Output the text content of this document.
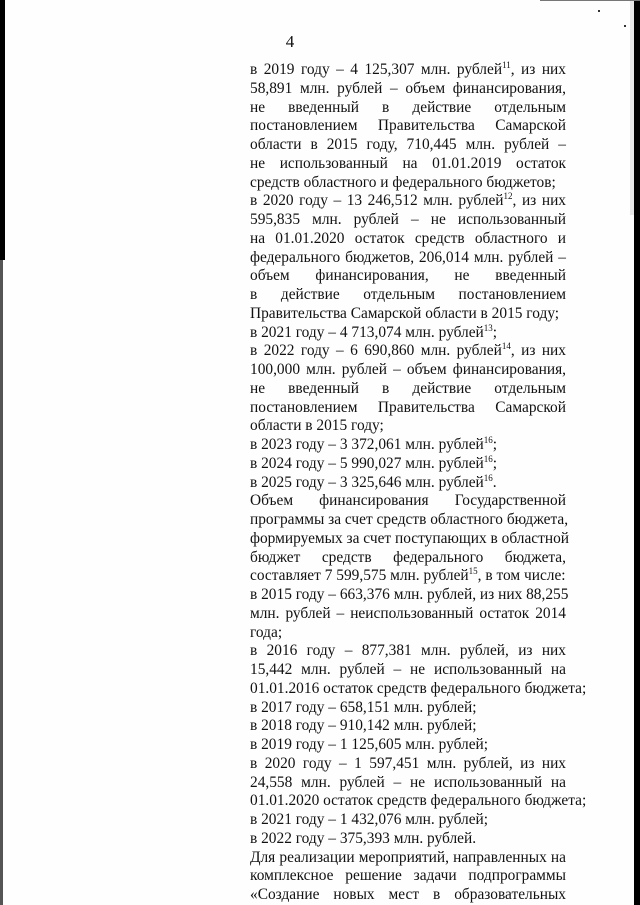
4
в 2019 году – 4 125,307 млн. рублей$^{11}$, из них
58,891 млн. рублей – объем финансирования,
не введенный в действие отдельным
постановлением Правительства Самарской
области в 2015 году, 710,445 млн. рублей –
не использованный на 01.01.2019 остаток
средств областного и федерального бюджетов;
в 2020 году – 13 246,512 млн. рублей$^{12}$, из них
595,835 млн. рублей – не использованный
на 01.01.2020 остаток средств областного и
федерального бюджетов, 206,014 млн. рублей –
объем финансирования, не введенный
в действие отдельным постановлением
Правительства Самарской области в 2015 году;
в 2021 году – 4 713,074 млн. рублей$^{13}$;
в 2022 году – 6 690,860 млн. рублей$^{14}$, из них
100,000 млн. рублей – объем финансирования,
не введенный в действие отдельным
постановлением Правительства Самарской
области в 2015 году;
в 2023 году – 3 372,061 млн. рублей$^{16}$;
в 2024 году – 5 990,027 млн. рублей$^{16}$;
в 2025 году – 3 325,646 млн. рублей$^{16}$.
Объем финансирования Государственной
программы за счет средств областного бюджета,
формируемых за счет поступающих в областной
бюджет средств федерального бюджета,
составляет 7 599,575 млн. рублей$^{15}$, в том числе:
в 2015 году – 663,376 млн. рублей, из них 88,255
млн. рублей – неиспользованный остаток 2014
года;
в 2016 году – 877,381 млн. рублей, из них
15,442 млн. рублей – не использованный на
01.01.2016 остаток средств федерального бюджета;
в 2017 году – 658,151 млн. рублей;
в 2018 году – 910,142 млн. рублей;
в 2019 году – 1 125,605 млн. рублей;
в 2020 году – 1 597,451 млн. рублей, из них
24,558 млн. рублей – не использованный на
01.01.2020 остаток средств федерального бюджета;
в 2021 году – 1 432,076 млн. рублей;
в 2022 году – 375,393 млн. рублей.
Для реализации мероприятий, направленных на
комплексное решение задачи подпрограммы
«Создание новых мест в образовательных
